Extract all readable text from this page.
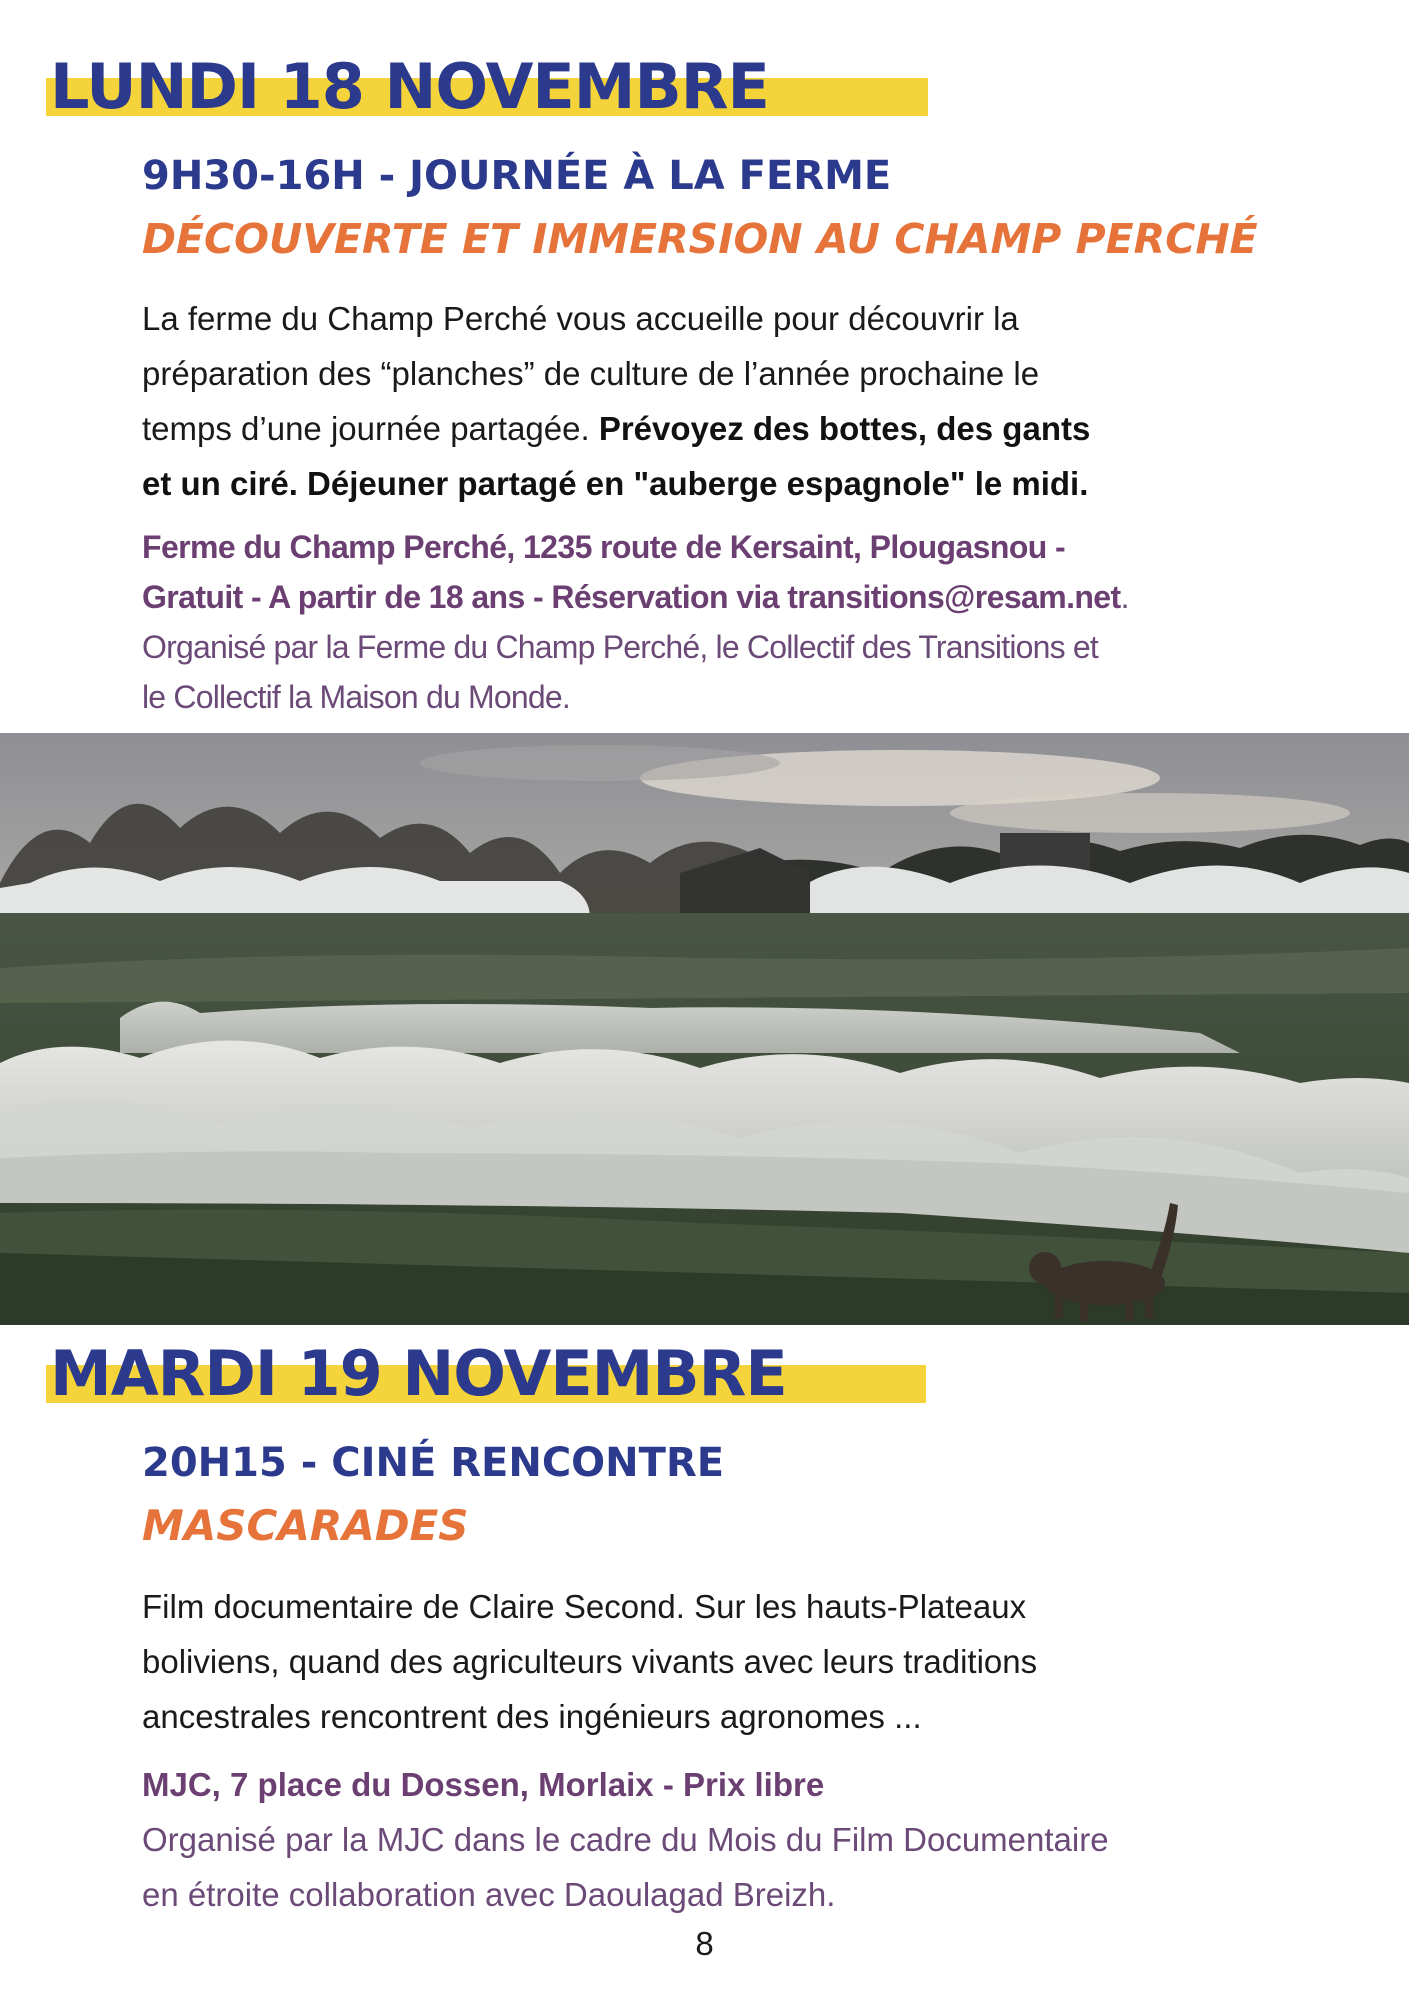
LUNDI 18 NOVEMBRE
9H30-16H - JOURNÉE À LA FERME
DÉCOUVERTE ET IMMERSION AU CHAMP PERCHÉ
La ferme du Champ Perché vous accueille pour découvrir la
préparation des “planches” de culture de l’année prochaine le
temps d’une journée partagée. Prévoyez des bottes, des gants
et un ciré. Déjeuner partagé en "auberge espagnole" le midi.
Ferme du Champ Perché, 1235 route de Kersaint, Plougasnou -
Gratuit - A partir de 18 ans - Réservation via transitions@resam.net.
Organisé par la Ferme du Champ Perché, le Collectif des Transitions et
le Collectif la Maison du Monde.
MARDI 19 NOVEMBRE
20H15 - CINÉ RENCONTRE
MASCARADES
Film documentaire de Claire Second. Sur les hauts-Plateaux
boliviens, quand des agriculteurs vivants avec leurs traditions
ancestrales rencontrent des ingénieurs agronomes ...
MJC, 7 place du Dossen, Morlaix - Prix libre
Organisé par la MJC dans le cadre du Mois du Film Documentaire
en étroite collaboration avec Daoulagad Breizh.
8
